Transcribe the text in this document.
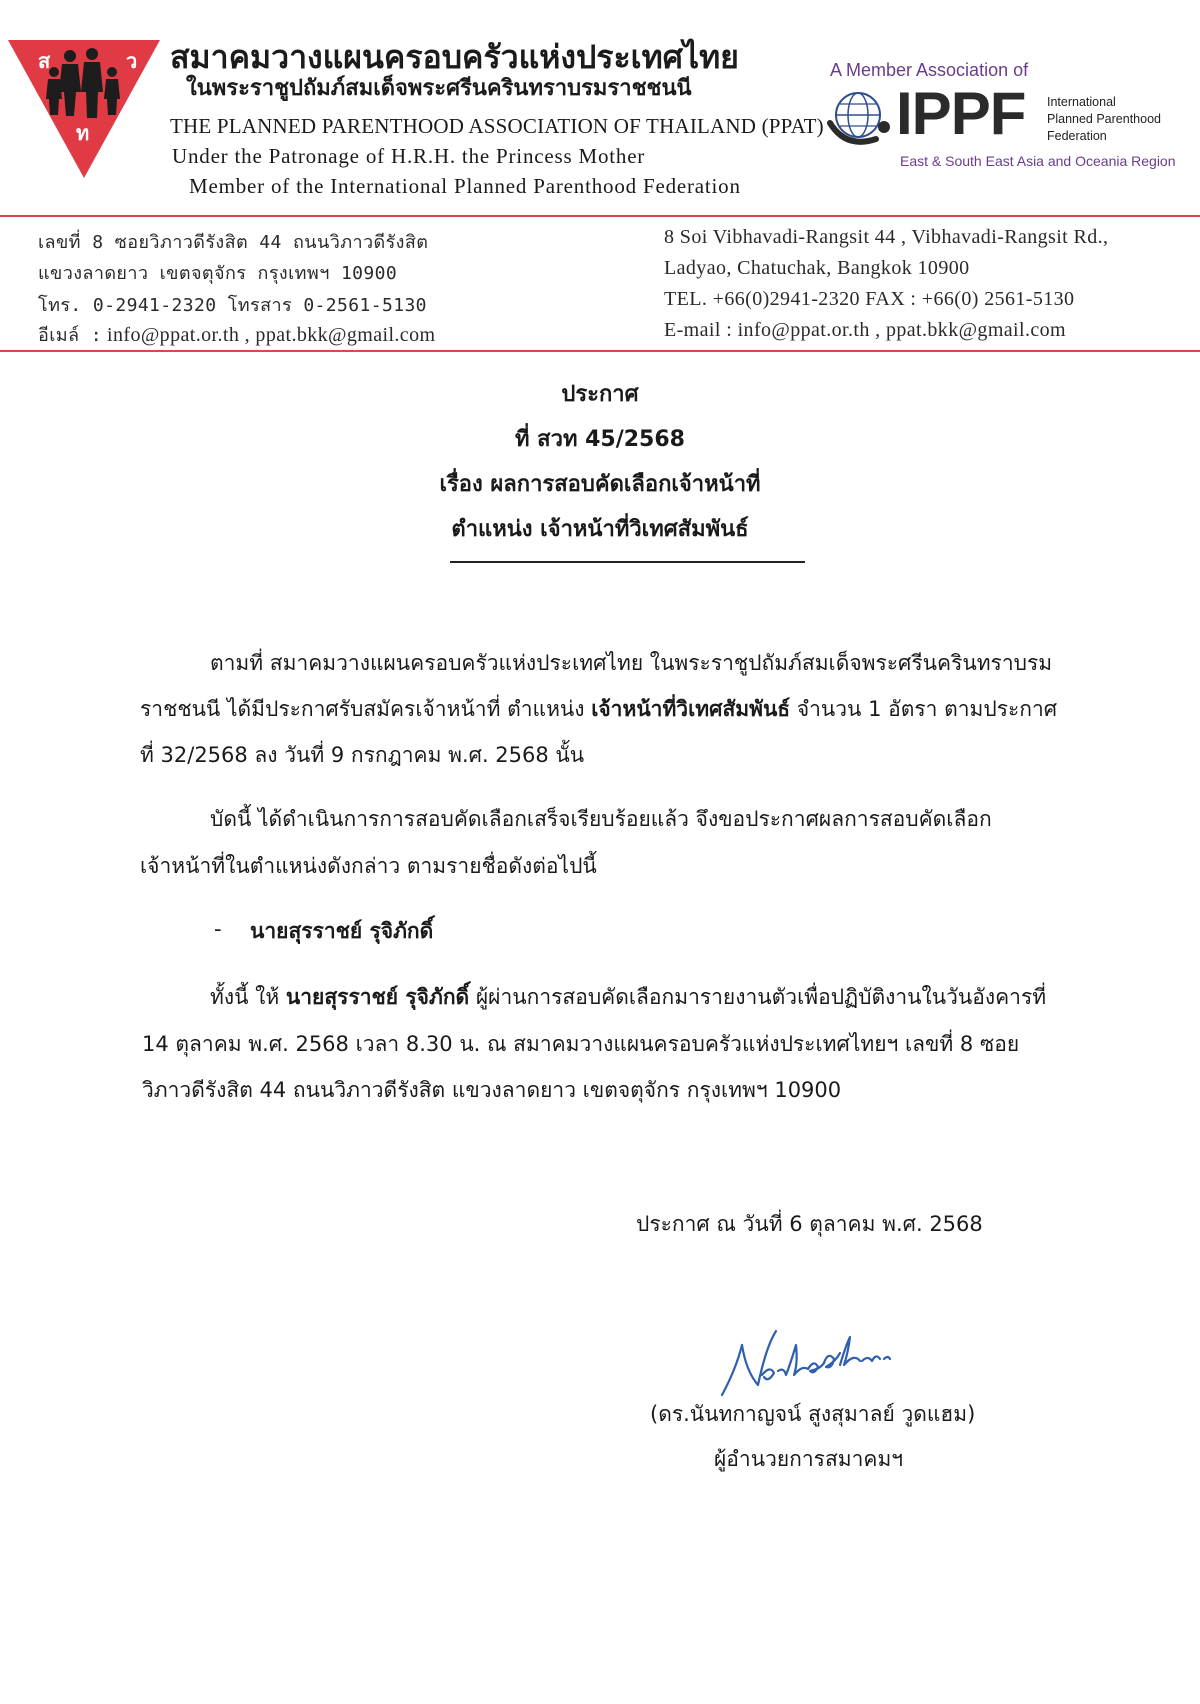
ส	ว
ท
สมาคมวางแผนครอบครัวแห่งประเทศไทย
ในพระราชูปถัมภ์สมเด็จพระศรีนครินทราบรมราชชนนี
THE PLANNED PARENTHOOD ASSOCIATION OF THAILAND (PPAT)
Under the Patronage of H.R.H. the Princess Mother
Member of the International Planned Parenthood Federation
A Member Association of
IPPF International
Planned Parenthood
Federation
East & South East Asia and Oceania Region
เลขที่ 8 ซอยวิภาวดีรังสิต 44 ถนนวิภาวดีรังสิต
แขวงลาดยาว เขตจตุจักร กรุงเทพฯ 10900
โทร. 0-2941-2320 โทรสาร 0-2561-5130
อีเมล์ : info@ppat.or.th , ppat.bkk@gmail.com
8 Soi Vibhavadi-Rangsit 44 , Vibhavadi-Rangsit Rd.,
Ladyao, Chatuchak, Bangkok 10900
TEL. +66(0)2941-2320 FAX : +66(0) 2561-5130
E-mail : info@ppat.or.th , ppat.bkk@gmail.com
ประกาศ
ที่ สวท 45/2568
เรื่อง ผลการสอบคัดเลือกเจ้าหน้าที่
ตำแหน่ง เจ้าหน้าที่วิเทศสัมพันธ์
ตามที่ สมาคมวางแผนครอบครัวแห่งประเทศไทย ในพระราชูปถัมภ์สมเด็จพระศรีนครินทราบรม
ราชชนนี ได้มีประกาศรับสมัครเจ้าหน้าที่ ตำแหน่ง เจ้าหน้าที่วิเทศสัมพันธ์ จำนวน 1 อัตรา ตามประกาศ
ที่ 32/2568 ลง วันที่ 9 กรกฎาคม พ.ศ. 2568 นั้น
บัดนี้ ได้ดำเนินการการสอบคัดเลือกเสร็จเรียบร้อยแล้ว จึงขอประกาศผลการสอบคัดเลือก
เจ้าหน้าที่ในตำแหน่งดังกล่าว ตามรายชื่อดังต่อไปนี้
- นายสุรราชย์ รุจิภักดิ์
ทั้งนี้ ให้ นายสุรราชย์ รุจิภักดิ์ ผู้ผ่านการสอบคัดเลือกมารายงานตัวเพื่อปฏิบัติงานในวันอังคารที่
14 ตุลาคม พ.ศ. 2568 เวลา 8.30 น. ณ สมาคมวางแผนครอบครัวแห่งประเทศไทยฯ เลขที่ 8 ซอย
วิภาวดีรังสิต 44 ถนนวิภาวดีรังสิต แขวงลาดยาว เขตจตุจักร กรุงเทพฯ 10900
ประกาศ ณ วันที่ 6 ตุลาคม พ.ศ. 2568
(ดร.นันทกาญจน์ สูงสุมาลย์ วูดแฮม)
ผู้อำนวยการสมาคมฯ
